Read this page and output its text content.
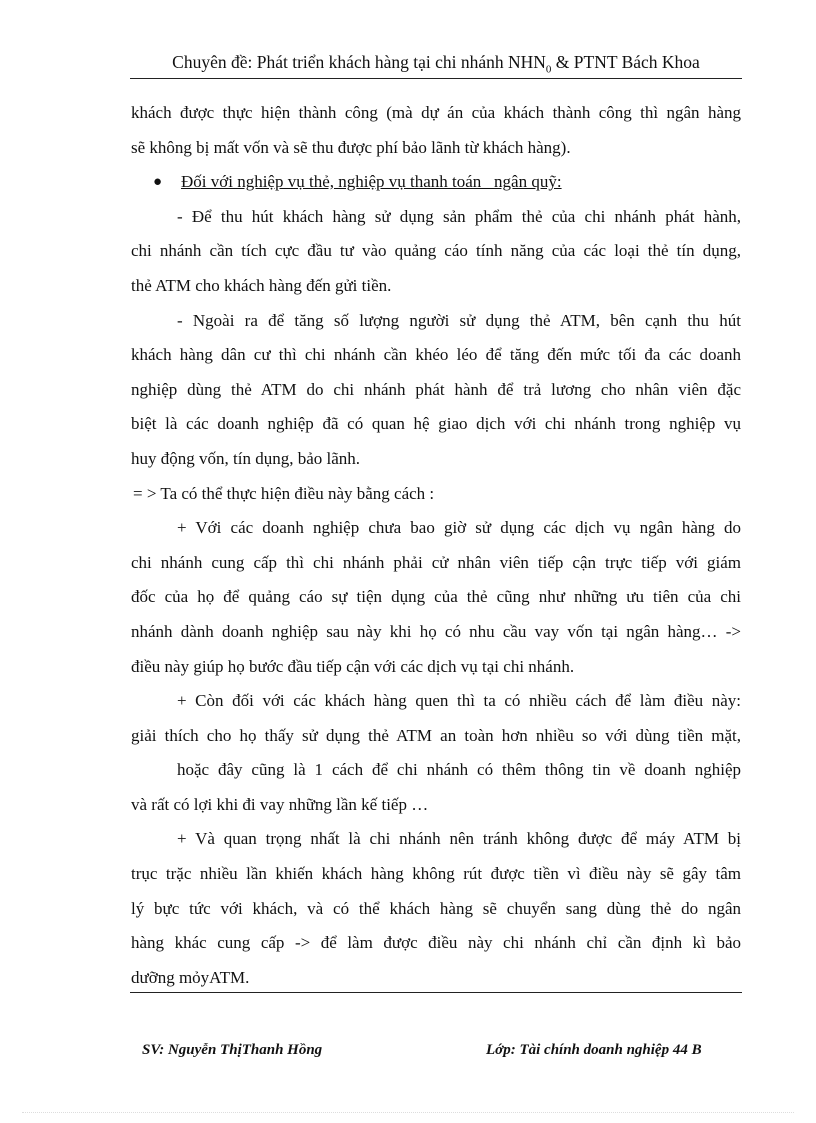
Chuyên đề: Phát triển khách hàng tại chi nhánh $NHN_0$ & PTNT Bách Khoa

khách được thực hiện thành công (mà dự án của khách thành công thì ngân hàng

sẽ không bị mất vốn và sẽ thu được phí bảo lãnh từ khách hàng).

● Đối với nghiệp vụ thẻ, nghiệp vụ thanh toán_ ngân quỹ:

- Để thu hút khách hàng sử dụng sản phẩm thẻ của chi nhánh phát hành,

chi nhánh cần tích cực đầu tư vào quảng cáo tính năng của các loại thẻ tín dụng,

thẻ ATM cho khách hàng đến gửi tiền.

- Ngoài ra để tăng số lượng người sử dụng thẻ ATM, bên cạnh thu hút

khách hàng dân cư thì chi nhánh cần khéo léo để tăng đến mức tối đa các doanh

nghiệp dùng thẻ ATM do chi nhánh phát hành để trả lương cho nhân viên đặc

biệt là các doanh nghiệp đã có quan hệ giao dịch với chi nhánh trong nghiệp vụ

huy động vốn, tín dụng, bảo lãnh.

= > Ta có thể thực hiện điều này bằng cách :

+ Với các doanh nghiệp chưa bao giờ sử dụng các dịch vụ ngân hàng do

chi nhánh cung cấp thì chi nhánh phải cử nhân viên tiếp cận trực tiếp với giám

đốc của họ để quảng cáo sự tiện dụng của thẻ cũng như những ưu tiên của chi

nhánh dành doanh nghiệp sau này khi họ có nhu cầu vay vốn tại ngân hàng… ->

điều này giúp họ bước đầu tiếp cận với các dịch vụ tại chi nhánh.

+ Còn đối với các khách hàng quen thì ta có nhiều cách để làm điều này:

giải thích cho họ thấy sử dụng thẻ ATM an toàn hơn nhiều so với dùng tiền mặt,

hoặc đây cũng là 1 cách để chi nhánh có thêm thông tin về doanh nghiệp

và rất có lợi khi đi vay những lần kế tiếp …

+ Và quan trọng nhất là chi nhánh nên tránh không được để máy ATM bị

trục trặc nhiều lần khiến khách hàng không rút được tiền vì điều này sẽ gây tâm

lý bực tức với khách, và có thể khách hàng sẽ chuyển sang dùng thẻ do ngân

hàng khác cung cấp -> để làm được điều này chi nhánh chỉ cần định kì bảo

dưỡng mỏyATM.

SV: Nguyễn ThịThanh Hồng	Lớp: Tài chính doanh nghiệp 44 B
